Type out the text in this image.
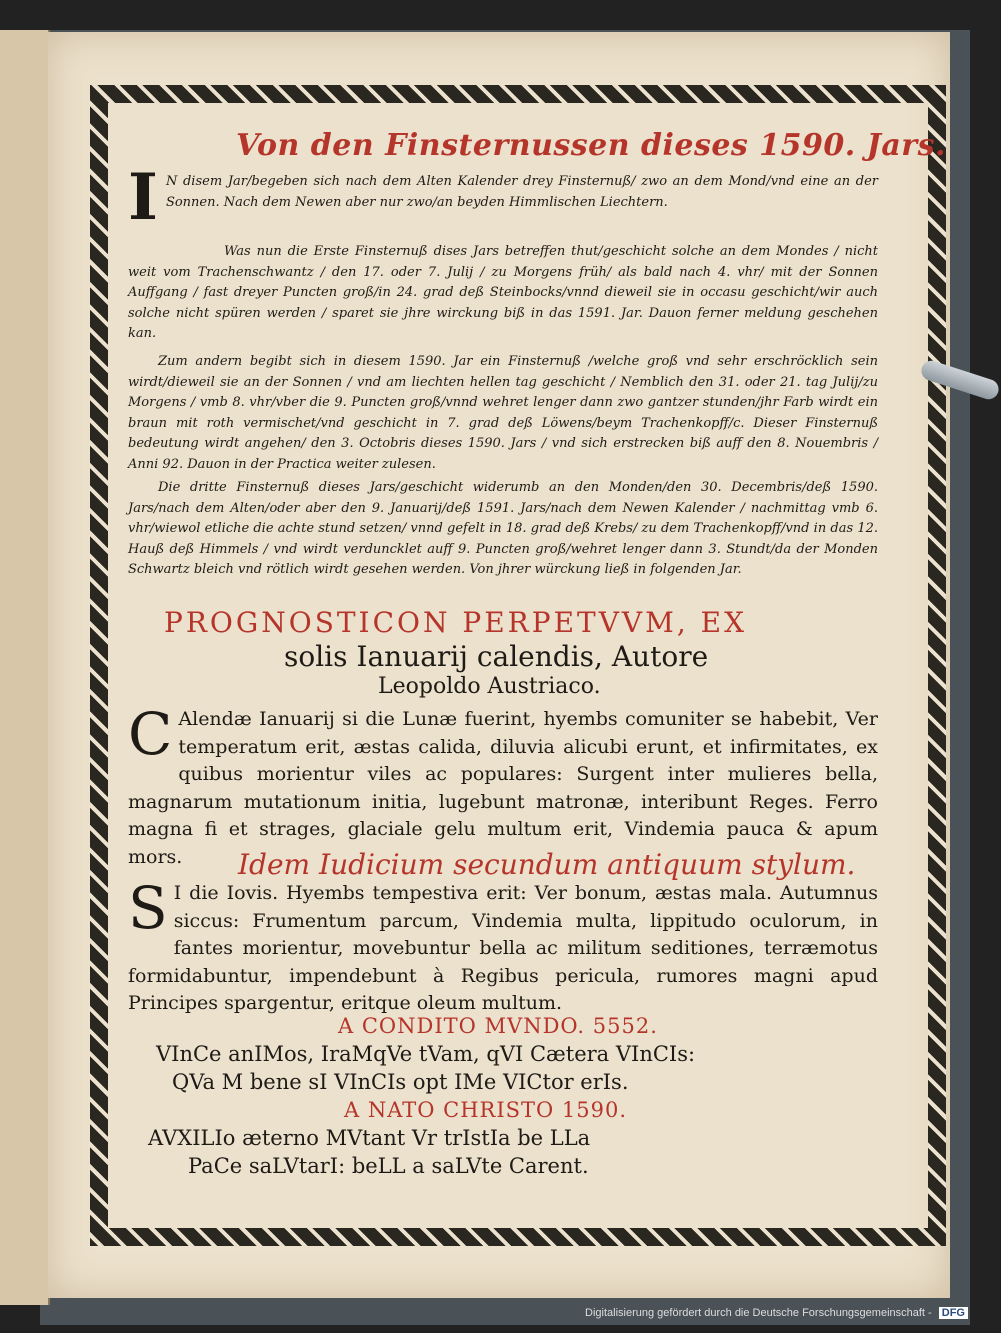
Von den Finsternussen dieses 1590. Jars.
I N disem Jar/begeben sich nach dem Alten Kalender drey Finsternuß/ zwo an dem Mond/vnd eine an der Sonnen. Nach dem Newen aber nur zwo/an beyden Himmlischen Liechtern.
Was nun die Erste Finsternuß dises Jars betreffen thut/geschicht solche an dem Mondes / nicht weit vom Trachenschwantz / den 17. oder 7. Julij / zu Morgens früh/ als bald nach 4. vhr/ mit der Sonnen Auffgang / fast dreyer Puncten groß/in 24. grad deß Steinbocks/vnnd dieweil sie in occasu geschicht/wir auch solche nicht spüren werden / sparet sie jhre wirckung biß in das 1591. Jar. Dauon ferner meldung geschehen kan.
Zum andern begibt sich in diesem 1590. Jar ein Finsternuß /welche groß vnd sehr erschröcklich sein wirdt/dieweil sie an der Sonnen / vnd am liechten hellen tag geschicht / Nemblich den 31. oder 21. tag Julij/zu Morgens / vmb 8. vhr/vber die 9. Puncten groß/vnnd wehret lenger dann zwo gantzer stunden/jhr Farb wirdt ein braun mit roth vermischet/vnd geschicht in 7. grad deß Löwens/beym Trachenkopff/c. Dieser Finsternuß bedeutung wirdt angehen/ den 3. Octobris dieses 1590. Jars / vnd sich erstrecken biß auff den 8. Nouembris / Anni 92. Dauon in der Practica weiter zulesen.
Die dritte Finsternuß dieses Jars/geschicht widerumb an den Monden/den 30. Decembris/deß 1590. Jars/nach dem Alten/oder aber den 9. Januarij/deß 1591. Jars/nach dem Newen Kalender / nachmittag vmb 6. vhr/wiewol etliche die achte stund setzen/ vnnd gefelt in 18. grad deß Krebs/ zu dem Trachenkopff/vnd in das 12. Hauß deß Himmels / vnd wirdt verduncklet auff 9. Puncten groß/wehret lenger dann 3. Stundt/da der Monden Schwartz bleich vnd rötlich wirdt gesehen werden. Von jhrer würckung ließ in folgenden Jar.
PROGNOSTICON PERPETVVM, EX
solis Ianuarij calendis, Autore
Leopoldo Austriaco.
C Alendæ Ianuarij si die Lunæ fuerint, hyembs comuniter se habebit, Ver temperatum erit, æstas calida, diluvia alicubi erunt, et infirmitates, ex quibus morientur viles ac populares: Surgent inter mulieres bella, magnarum mutationum initia, lugebunt matronæ, interibunt Reges. Ferro magna fi et strages, glaciale gelu multum erit, Vindemia pauca & apum mors.	Idem Iudicium secundum antiquum stylum.
S I die Iovis. Hyembs tempestiva erit: Ver bonum, æstas mala. Autumnus siccus: Frumentum parcum, Vindemia multa, lippitudo oculorum, in fantes morientur, movebuntur bella ac militum seditiones, terræmotus formidabuntur, impendebunt à Regibus pericula, rumores magni apud Principes spargentur, eritque oleum multum.
A CONDITO MVNDO. 5552.
VInCe anIMos, IraMqVe tVam, qVI Cætera VInCIs:
QVa M bene sI VInCIs opt IMe VICtor erIs.
A NATO CHRISTO 1590.
AVXILIo æterno MVtant Vr trIstIa be LLa
PaCe saLVtarI: beLL a saLVte Carent.
Digitalisierung gefördert durch die Deutsche Forschungsgemeinschaft - DFG
